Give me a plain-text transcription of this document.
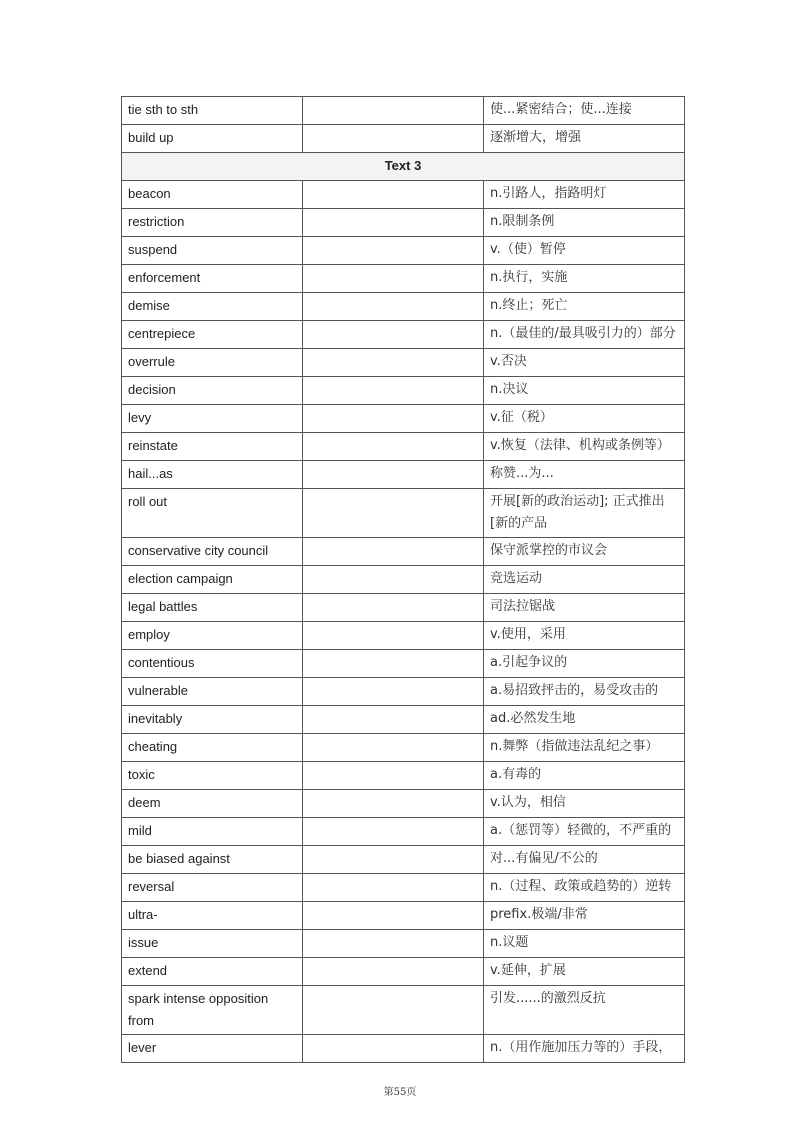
tie sth to sth		使...紧密结合；使...连接
build up		逐渐增大，增强
Text 3		
beacon		n.引路人，指路明灯
restriction		n.限制条例
suspend		v.（使）暂停
enforcement		n.执行，实施
demise		n.终止；死亡
centrepiece		n.（最佳的/最具吸引力的）部分
overrule		v.否决
decision		n.决议
levy		v.征（税）
reinstate		v.恢复（法律、机构或条例等）
hail...as		称赞...为...
roll out		开展[新的政治运动]; 正式推出[新的产品
conservative city council		保守派掌控的市议会
election campaign		竞选运动
legal battles		司法拉锯战
employ		v.使用，采用
contentious		a.引起争议的
vulnerable		a.易招致抨击的，易受攻击的
inevitably		ad.必然发生地
cheating		n.舞弊（指做违法乱纪之事）
toxic		a.有毒的
deem		v.认为，相信
mild		a.（惩罚等）轻微的，不严重的
be biased against		对...有偏见/不公的
reversal		n.（过程、政策或趋势的）逆转
ultra-		prefix.极端/非常
issue		n.议题
extend		v.延伸，扩展
spark intense opposition from		引发......的激烈反抗
lever		n.（用作施加压力等的）手段，
第55页
